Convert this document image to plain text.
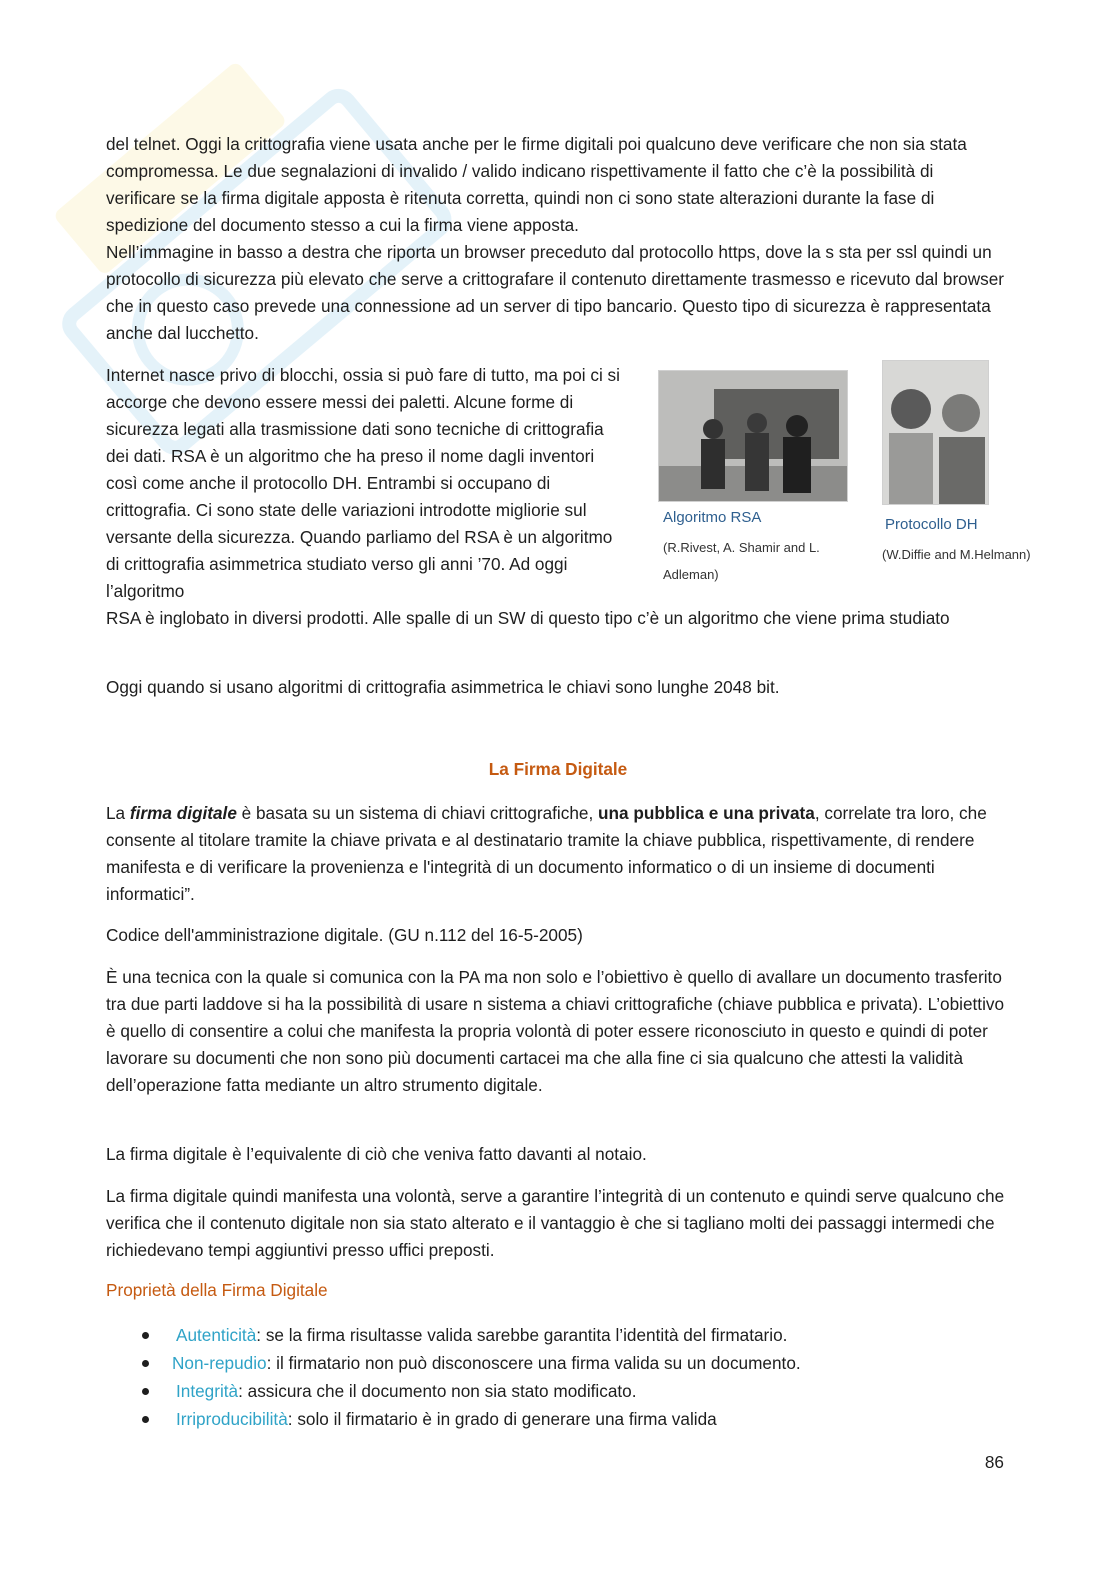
del telnet. Oggi la crittografia viene usata anche per le firme digitali poi qualcuno deve verificare che non sia stata compromessa. Le due segnalazioni di invalido / valido indicano rispettivamente il fatto che c’è la possibilità di verificare se la firma digitale apposta è ritenuta corretta, quindi non ci sono state alterazioni durante la fase di spedizione del documento stesso a cui la firma viene apposta.

Nell’immagine in basso a destra che riporta un browser preceduto dal protocollo https, dove la s sta per ssl quindi un protocollo di sicurezza più elevato che serve a crittografare il contenuto direttamente trasmesso e ricevuto dal browser che in questo caso prevede una connessione ad un server di tipo bancario. Questo tipo di sicurezza è rappresentata anche dal lucchetto.

Internet nasce privo di blocchi, ossia si può fare di tutto, ma poi ci si accorge che devono essere messi dei paletti. Alcune forme di sicurezza legati alla trasmissione dati sono tecniche di crittografia dei dati. RSA è un algoritmo che ha preso il nome dagli inventori così come anche il protocollo DH. Entrambi si occupano di crittografia. Ci sono state delle variazioni introdotte migliorie sul versante della sicurezza. Quando parliamo del RSA è un algoritmo di crittografia asimmetrica studiato verso gli anni ’70. Ad oggi l’algoritmo

RSA è inglobato in diversi prodotti. Alle spalle di un SW di questo tipo c’è un algoritmo che viene prima studiato

Algoritmo RSA
(R.Rivest, A. Shamir and L.
Adleman)
Protocollo DH
(W.Diffie and M.Helmann)

Oggi quando si usano algoritmi di crittografia asimmetrica le chiavi sono lunghe 2048 bit.

La Firma Digitale

La firma digitale è basata su un sistema di chiavi crittografiche, una pubblica e una privata, correlate tra loro, che consente al titolare tramite la chiave privata e al destinatario tramite la chiave pubblica, rispettivamente, di rendere manifesta e di verificare la provenienza e l'integrità di un documento informatico o di un insieme di documenti informatici”.

Codice dell'amministrazione digitale. (GU n.112 del 16-5-2005)

È una tecnica con la quale si comunica con la PA ma non solo e l’obiettivo è quello di avallare un documento trasferito tra due parti laddove si ha la possibilità di usare n sistema a chiavi crittografiche (chiave pubblica e privata). L’obiettivo è quello di consentire a colui che manifesta la propria volontà di poter essere riconosciuto in questo e quindi di poter lavorare su documenti che non sono più documenti cartacei ma che alla fine ci sia qualcuno che attesti la validità dell’operazione fatta mediante un altro strumento digitale.

La firma digitale è l’equivalente di ciò che veniva fatto davanti al notaio.

La firma digitale quindi manifesta una volontà, serve a garantire l’integrità di un contenuto e quindi serve qualcuno che verifica che il contenuto digitale non sia stato alterato e il vantaggio è che si tagliano molti dei passaggi intermedi che richiedevano tempi aggiuntivi presso uffici preposti.

Proprietà della Firma Digitale
Autenticità: se la firma risultasse valida sarebbe garantita l’identità del firmatario.
Non-repudio: il firmatario non può disconoscere una firma valida su un documento.
Integrità: assicura che il documento non sia stato modificato.
Irriproducibilità: solo il firmatario è in grado di generare una firma valida
86
